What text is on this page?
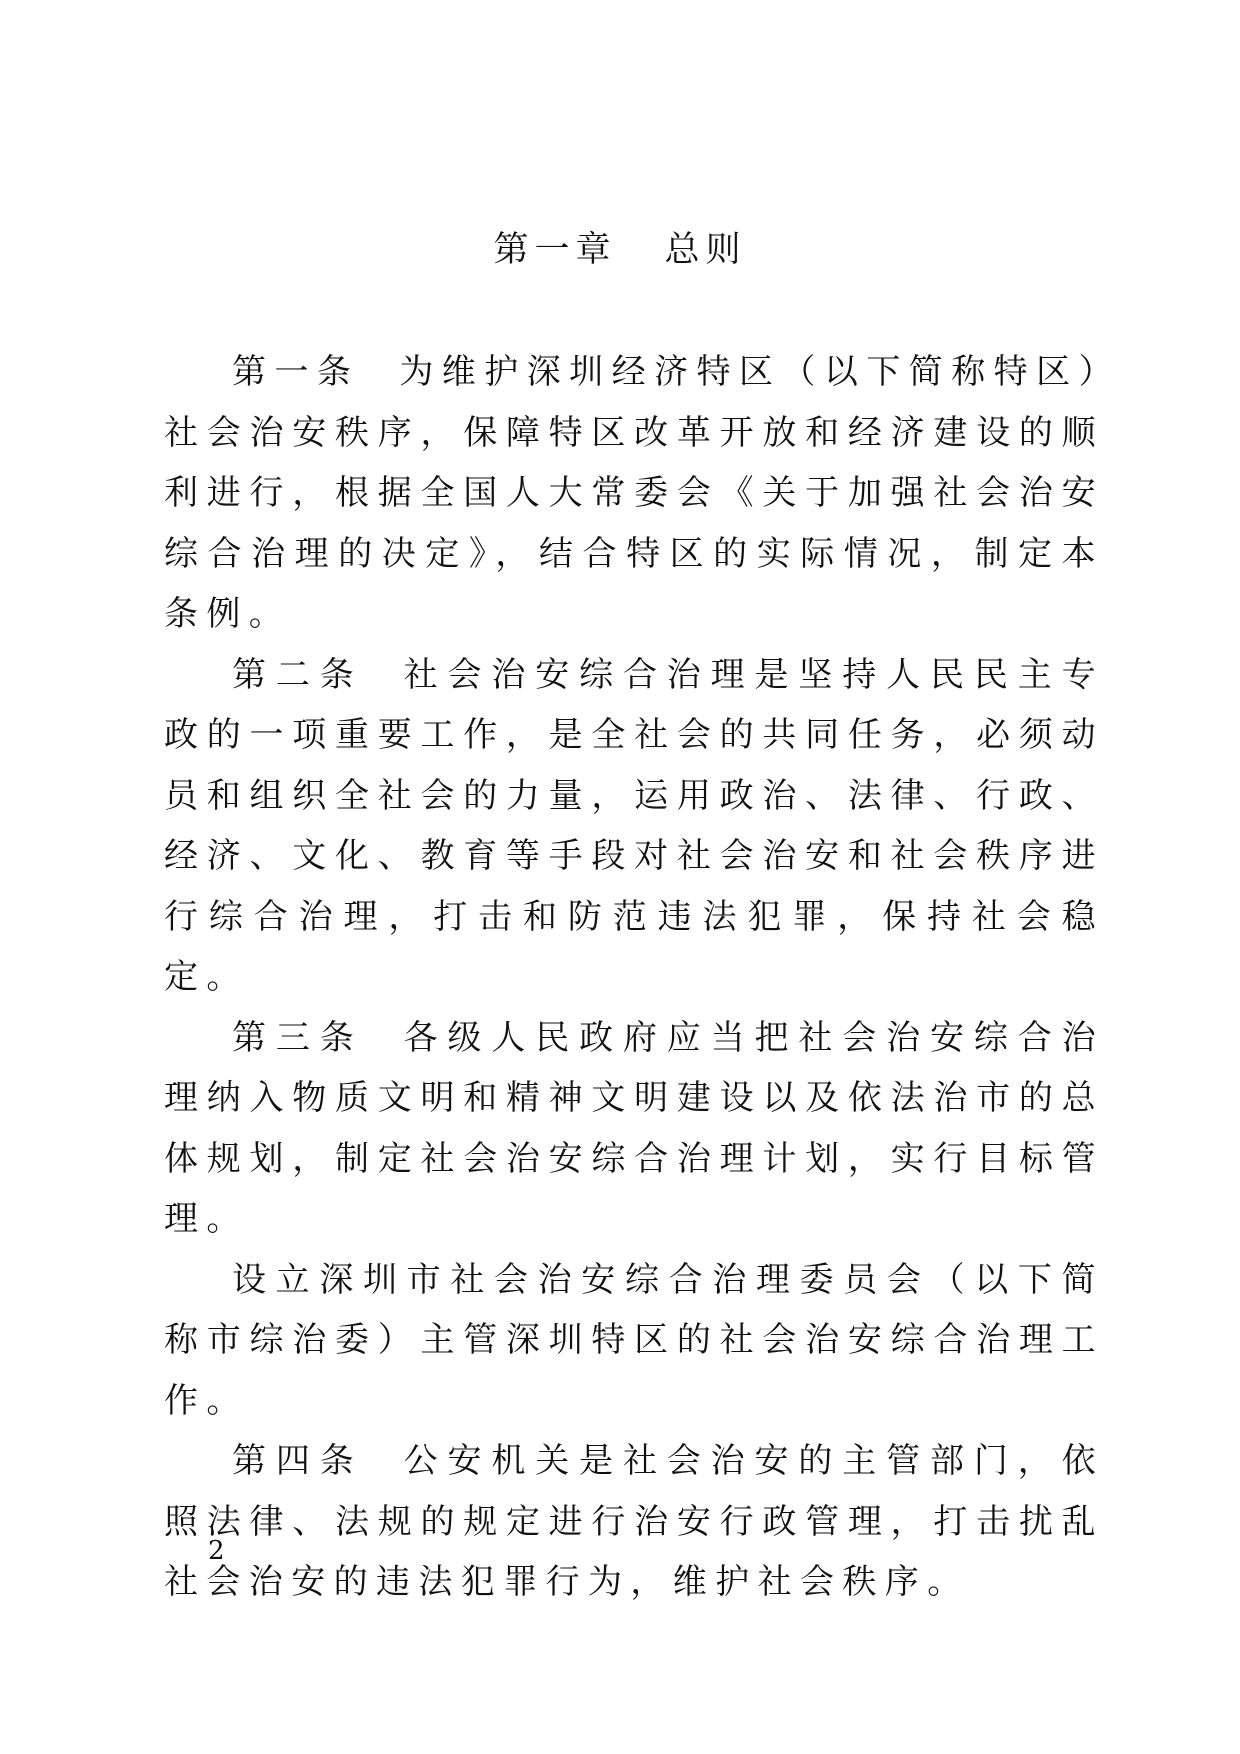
第一章 总则

第一条 为维护深圳经济特区（以下简称特区）社会治安秩序，保障特区改革开放和经济建设的顺利进行，根据全国人大常委会《关于加强社会治安综合治理的决定》，结合特区的实际情况，制定本条例。

第二条 社会治安综合治理是坚持人民民主专政的一项重要工作，是全社会的共同任务，必须动员和组织全社会的力量，运用政治、法律、行政、经济、文化、教育等手段对社会治安和社会秩序进行综合治理，打击和防范违法犯罪，保持社会稳定。

第三条 各级人民政府应当把社会治安综合治理纳入物质文明和精神文明建设以及依法治市的总体规划，制定社会治安综合治理计划，实行目标管理。

设立深圳市社会治安综合治理委员会（以下简称市综治委）主管深圳特区的社会治安综合治理工作。

第四条 公安机关是社会治安的主管部门，依照法律、法规的规定进行治安行政管理，打击扰乱社会治安的违法犯罪行为，维护社会秩序。

2
